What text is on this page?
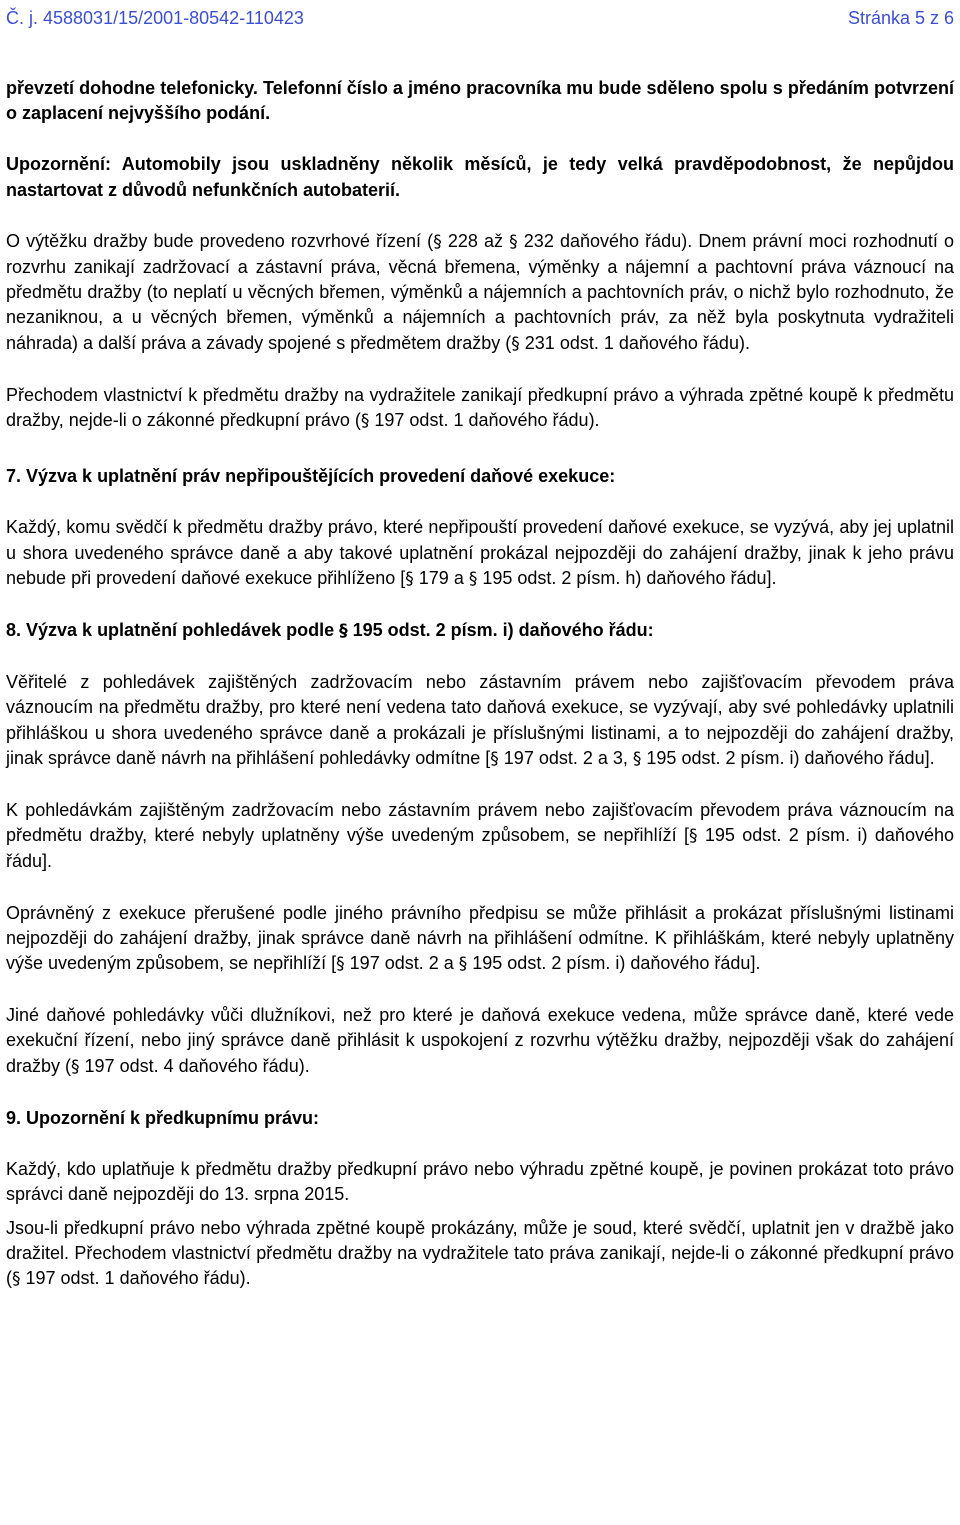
Č. j. 4588031/15/2001-80542-110423	Stránka 5 z 6

převzetí dohodne telefonicky. Telefonní číslo a jméno pracovníka mu bude sděleno spolu s předáním potvrzení o zaplacení nejvyššího podání.

Upozornění: Automobily jsou uskladněny několik měsíců, je tedy velká pravděpodobnost, že nepůjdou nastartovat z důvodů nefunkčních autobaterií.

O výtěžku dražby bude provedeno rozvrhové řízení (§ 228 až § 232 daňového řádu). Dnem právní moci rozhodnutí o rozvrhu zanikají zadržovací a zástavní práva, věcná břemena, výměnky a nájemní a pachtovní práva váznoucí na předmětu dražby (to neplatí u věcných břemen, výměnků a nájemních a pachtovních práv, o nichž bylo rozhodnuto, že nezaniknou, a u věcných břemen, výměnků a nájemních a pachtovních práv, za něž byla poskytnuta vydražiteli náhrada) a další práva a závady spojené s předmětem dražby (§ 231 odst. 1 daňového řádu).

Přechodem vlastnictví k předmětu dražby na vydražitele zanikají předkupní právo a výhrada zpětné koupě k předmětu dražby, nejde-li o zákonné předkupní právo (§ 197 odst. 1 daňového řádu).

7. Výzva k uplatnění práv nepřipouštějících provedení daňové exekuce:

Každý, komu svědčí k předmětu dražby právo, které nepřipouští provedení daňové exekuce, se vyzývá, aby jej uplatnil u shora uvedeného správce daně a aby takové uplatnění prokázal nejpozději do zahájení dražby, jinak k jeho právu nebude při provedení daňové exekuce přihlíženo [§ 179 a § 195 odst. 2 písm. h) daňového řádu].

8. Výzva k uplatnění pohledávek podle § 195 odst. 2 písm. i) daňového řádu:

Věřitelé z pohledávek zajištěných zadržovacím nebo zástavním právem nebo zajišťovacím převodem práva váznoucím na předmětu dražby, pro které není vedena tato daňová exekuce, se vyzývají, aby své pohledávky uplatnili přihláškou u shora uvedeného správce daně a prokázali je příslušnými listinami, a to nejpozději do zahájení dražby, jinak správce daně návrh na přihlášení pohledávky odmítne [§ 197 odst. 2 a 3, § 195 odst. 2 písm. i) daňového řádu].

K pohledávkám zajištěným zadržovacím nebo zástavním právem nebo zajišťovacím převodem práva váznoucím na předmětu dražby, které nebyly uplatněny výše uvedeným způsobem, se nepřihlíží [§ 195 odst. 2 písm. i) daňového řádu].

Oprávněný z exekuce přerušené podle jiného právního předpisu se může přihlásit a prokázat příslušnými listinami nejpozději do zahájení dražby, jinak správce daně návrh na přihlášení odmítne. K přihláškám, které nebyly uplatněny výše uvedeným způsobem, se nepřihlíží [§ 197 odst. 2 a § 195 odst. 2 písm. i) daňového řádu].

Jiné daňové pohledávky vůči dlužníkovi, než pro které je daňová exekuce vedena, může správce daně, které vede exekuční řízení, nebo jiný správce daně přihlásit k uspokojení z rozvrhu výtěžku dražby, nejpozději však do zahájení dražby (§ 197 odst. 4 daňového řádu).

9. Upozornění k předkupnímu právu:

Každý, kdo uplatňuje k předmětu dražby předkupní právo nebo výhradu zpětné koupě, je povinen prokázat toto právo správci daně nejpozději do 13. srpna 2015.

Jsou-li předkupní právo nebo výhrada zpětné koupě prokázány, může je soud, které svědčí, uplatnit jen v dražbě jako dražitel. Přechodem vlastnictví předmětu dražby na vydražitele tato práva zanikají, nejde-li o zákonné předkupní právo (§ 197 odst. 1 daňového řádu).
